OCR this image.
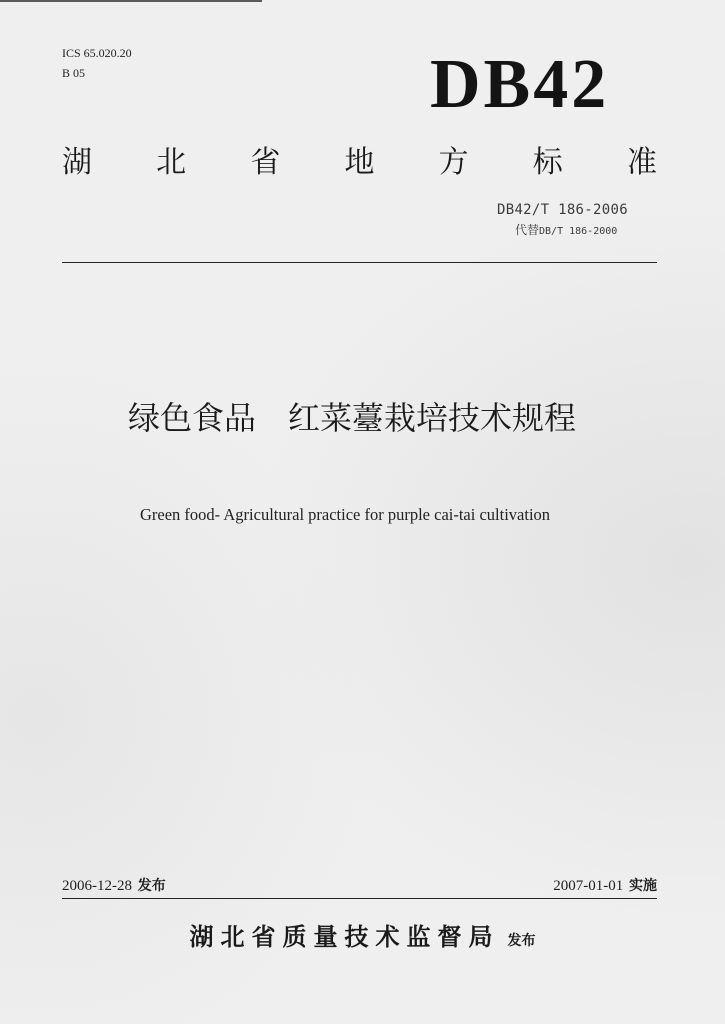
ICS 65.020.20
B 05	DB42
湖 北 省 地 方 标 准
DB42/T 186-2006
代替DB/T 186-2000
绿色食品 红菜薹栽培技术规程
Green food- Agricultural practice for purple cai-tai cultivation
2006-12-28 发布	2007-01-01 实施
湖北省质量技术监督局 发布
